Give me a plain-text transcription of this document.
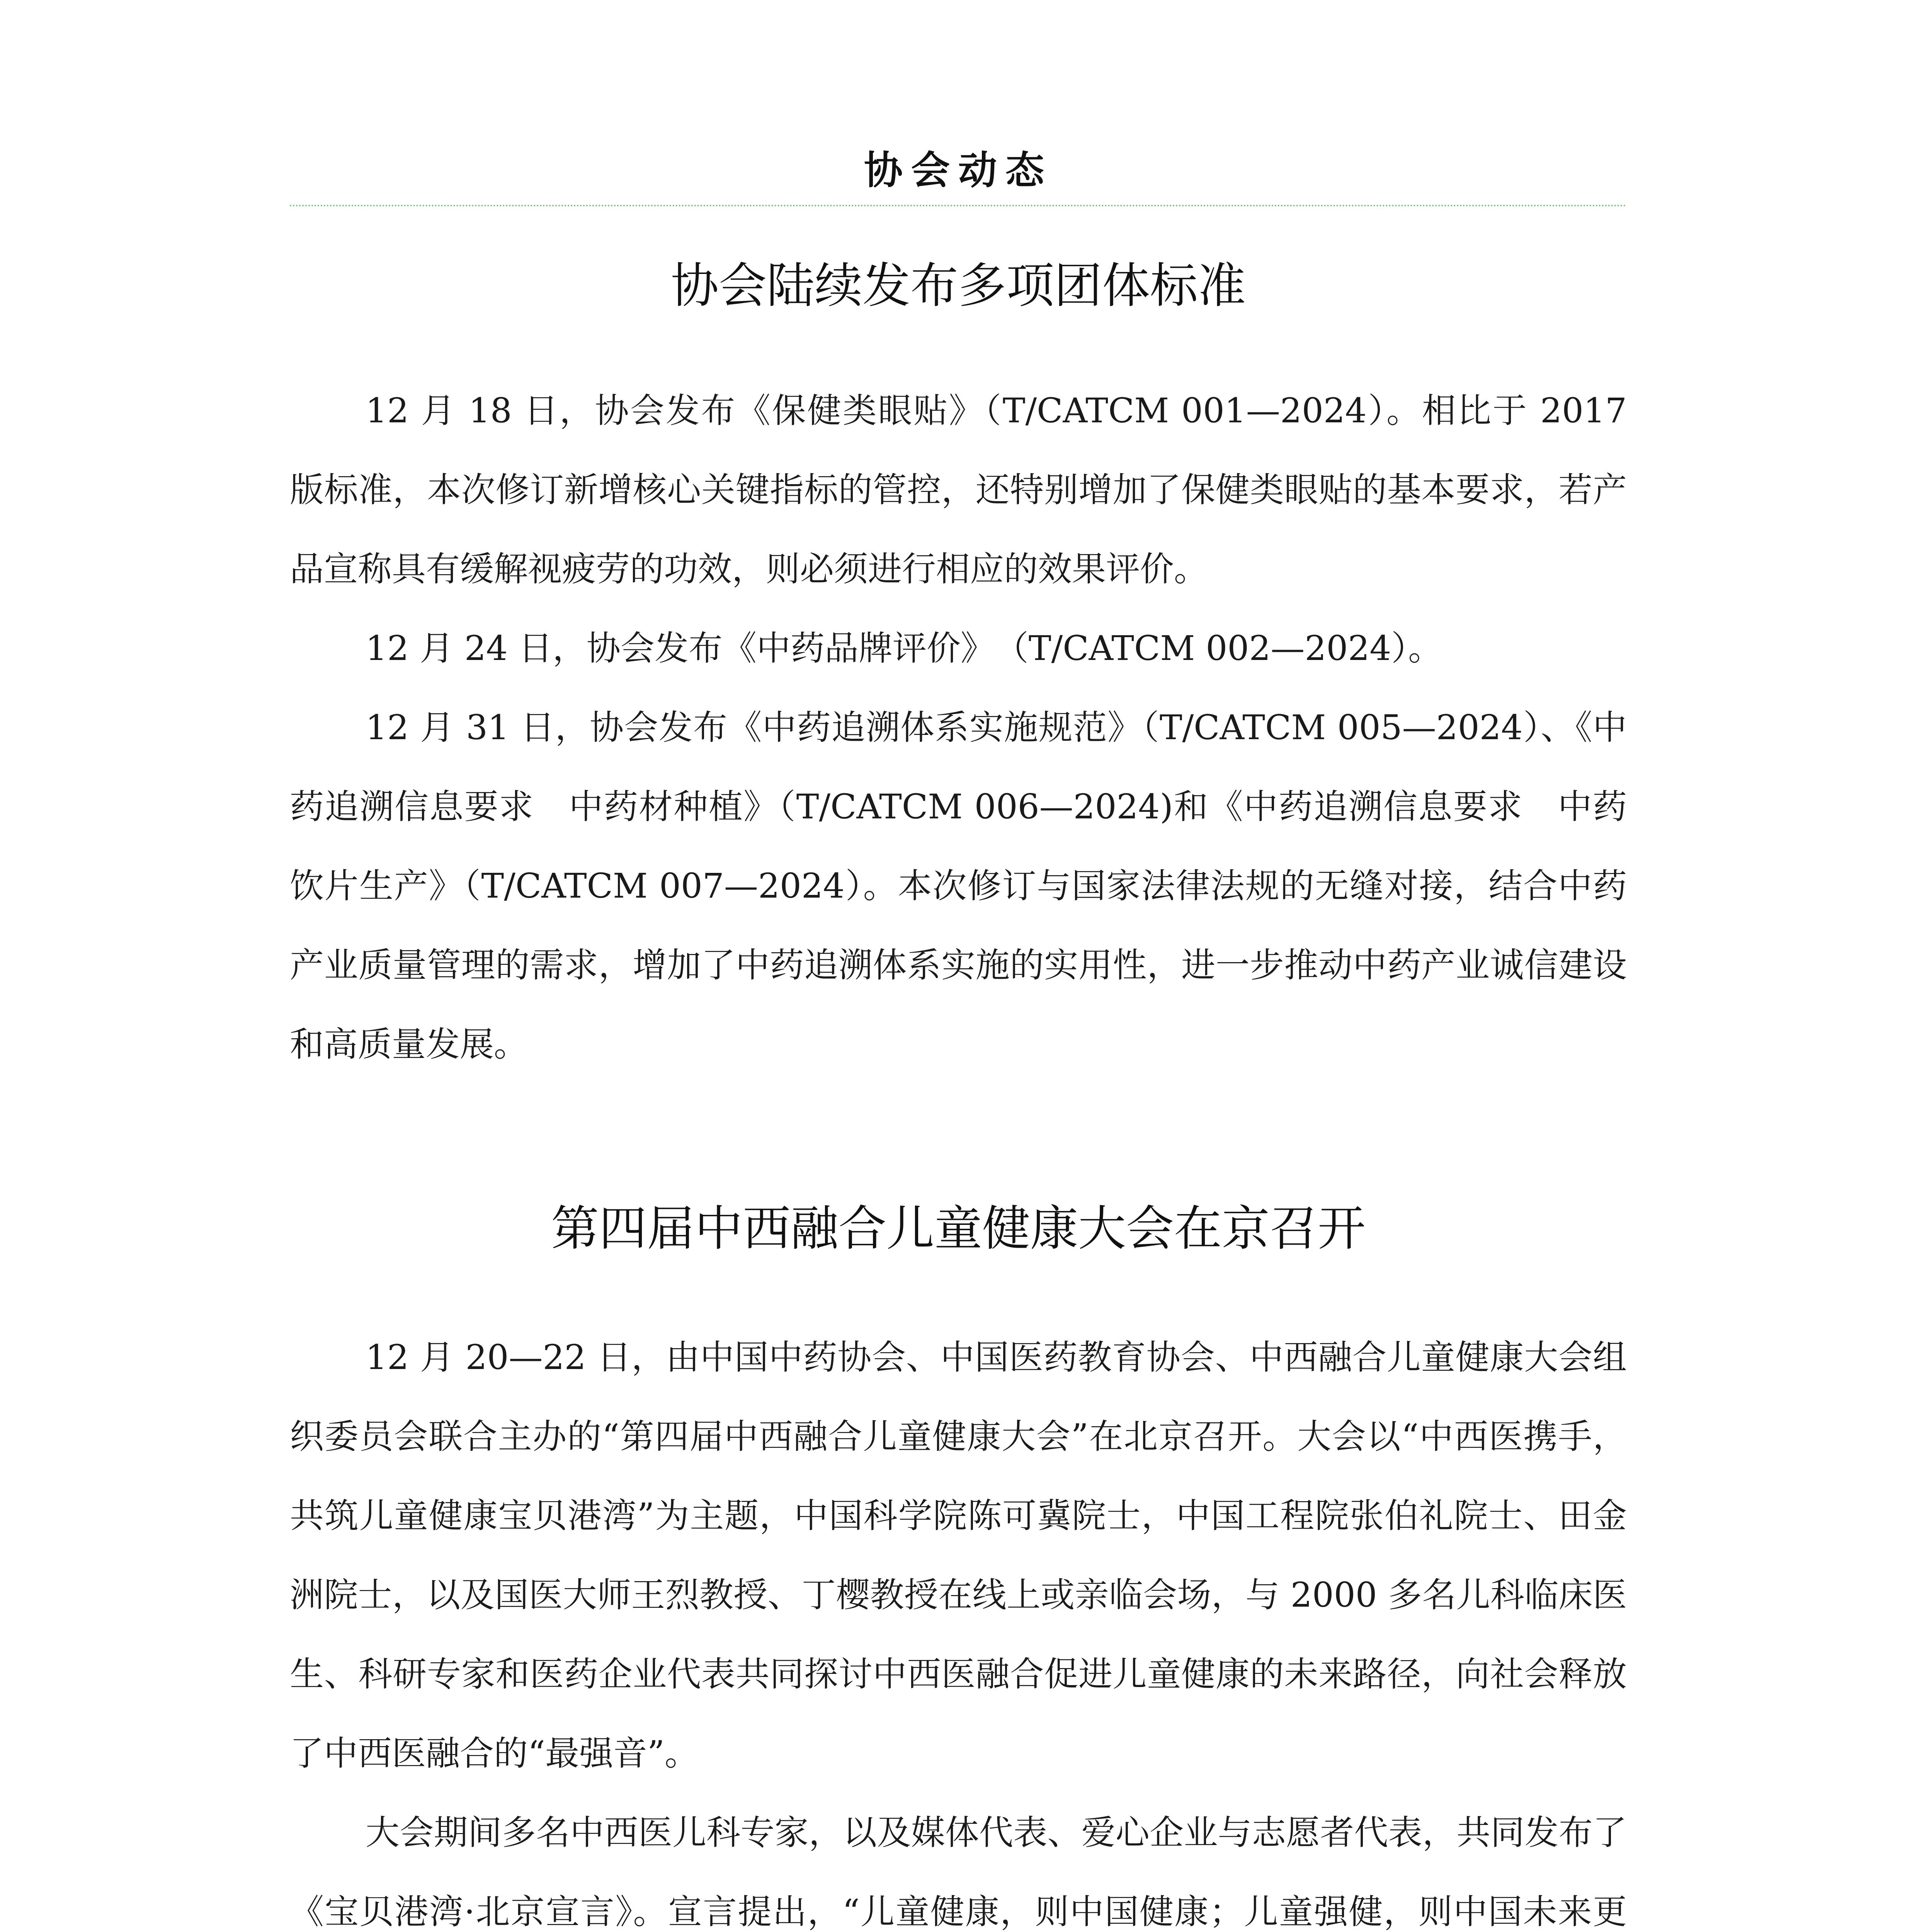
协会动态
协会陆续发布多项团体标准

12 月 18 日，协会发布《保健类眼贴》（T/CATCM 001—2024）。相比于 2017 版标准，本次修订新增核心关键指标的管控，还特别增加了保健类眼贴的基本要求，若产品宣称具有缓解视疲劳的功效，则必须进行相应的效果评价。

12 月 24 日，协会发布《中药品牌评价》　（T/CATCM 002—2024）。

12 月 31 日，协会发布《中药追溯体系实施规范》（T/CATCM 005—2024）、《中药追溯信息要求　中药材种植》（T/CATCM 006—2024)和《中药追溯信息要求　中药饮片生产》（T/CATCM 007—2024）。本次修订与国家法律法规的无缝对接，结合中药产业质量管理的需求，增加了中药追溯体系实施的实用性，进一步推动中药产业诚信建设和高质量发展。

第四届中西融合儿童健康大会在京召开

12 月 20—22 日，由中国中药协会、中国医药教育协会、中西融合儿童健康大会组织委员会联合主办的“第四届中西融合儿童健康大会”在北京召开。大会以“中西医携手，共筑儿童健康宝贝港湾”为主题，中国科学院陈可冀院士，中国工程院张伯礼院士、田金洲院士，以及国医大师王烈教授、丁樱教授在线上或亲临会场，与 2000 多名儿科临床医生、科研专家和医药企业代表共同探讨中西医融合促进儿童健康的未来路径，向社会释放了中西医融合的“最强音”。

大会期间多名中西医儿科专家，以及媒体代表、爱心企业与志愿者代表，共同发布了《宝贝港湾·北京宣言》。宣言提出，“儿童健康，则中国健康；儿童强健，则中国未来更
